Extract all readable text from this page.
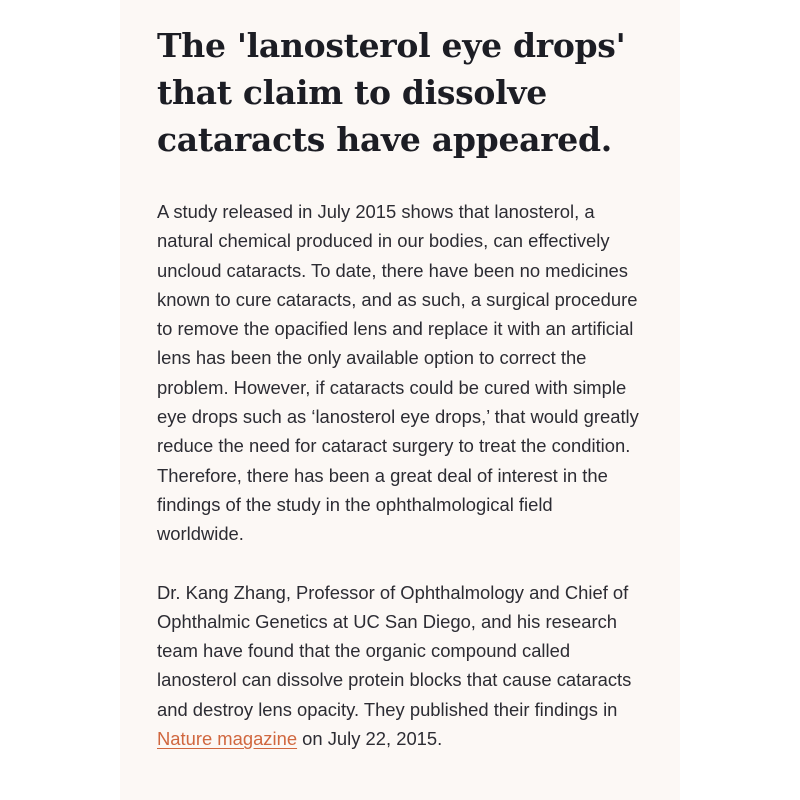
The 'lanosterol eye drops' that claim to dissolve cataracts have appeared.

A study released in July 2015 shows that lanosterol, a natural chemical produced in our bodies, can effectively uncloud cataracts. To date, there have been no medicines known to cure cataracts, and as such, a surgical procedure to remove the opacified lens and replace it with an artificial lens has been the only available option to correct the problem. However, if cataracts could be cured with simple eye drops such as ‘lanosterol eye drops,’ that would greatly reduce the need for cataract surgery to treat the condition. Therefore, there has been a great deal of interest in the findings of the study in the ophthalmological field worldwide.

Dr. Kang Zhang, Professor of Ophthalmology and Chief of Ophthalmic Genetics at UC San Diego, and his research team have found that the organic compound called lanosterol can dissolve protein blocks that cause cataracts and destroy lens opacity. They published their findings in Nature magazine on July 22, 2015.
